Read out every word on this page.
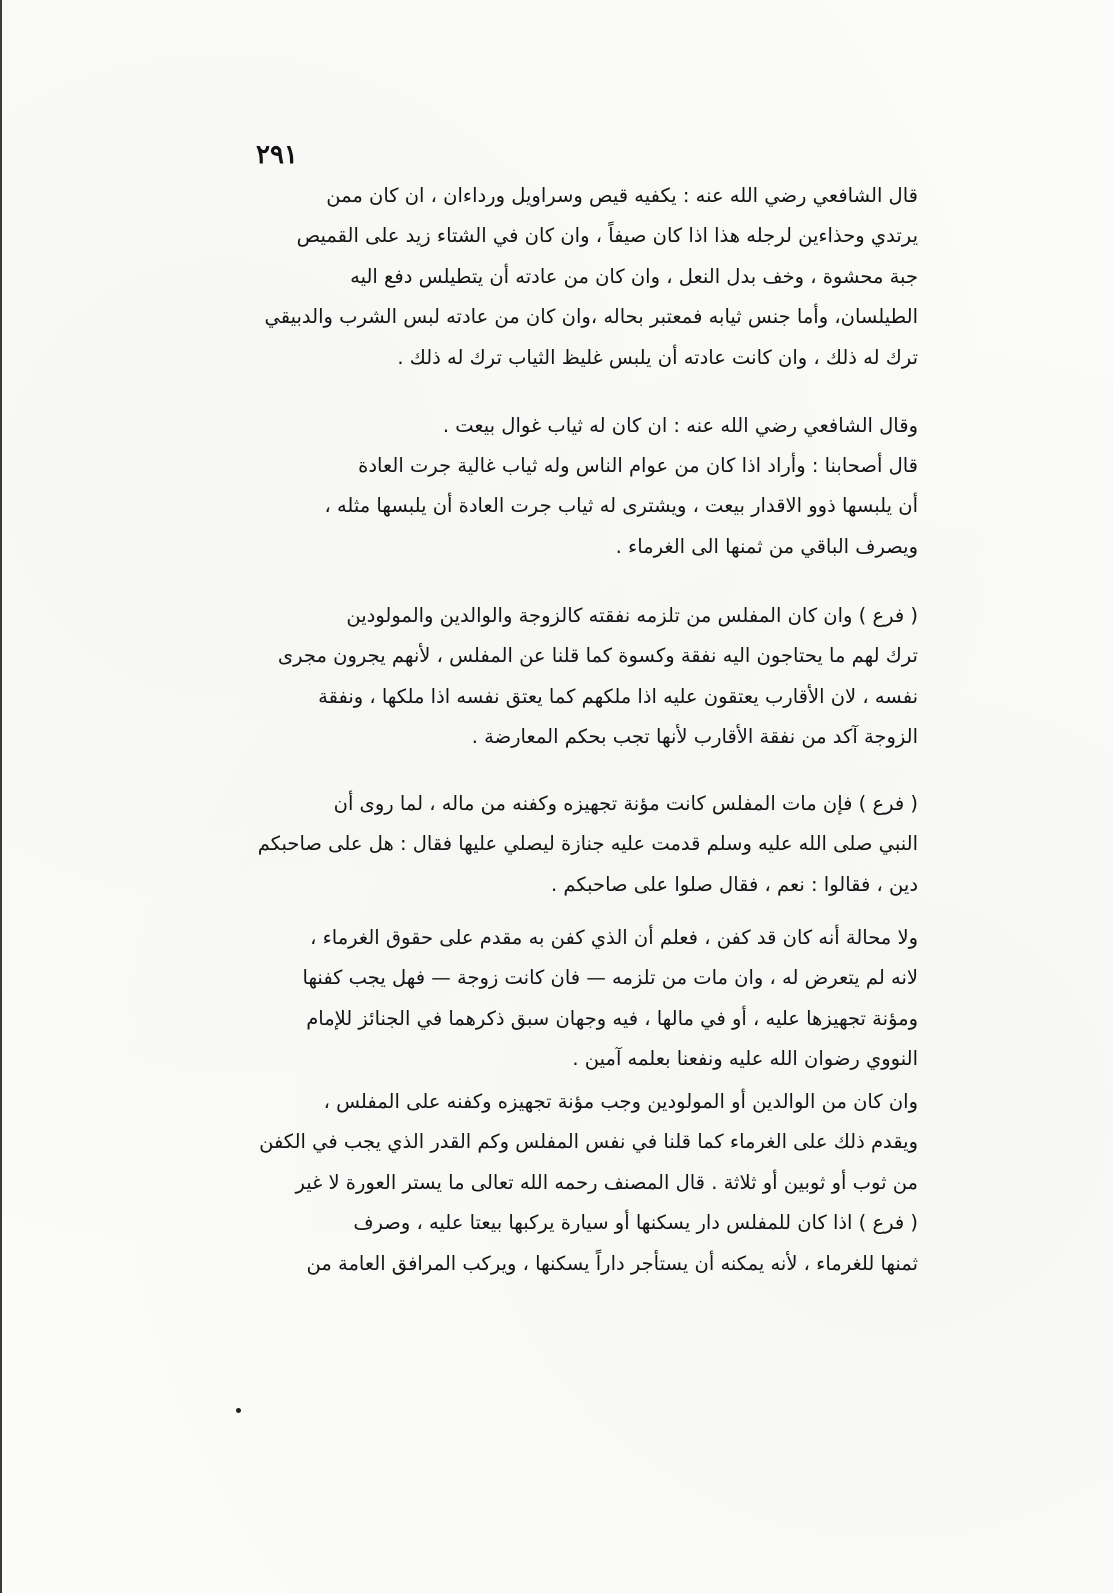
٢٩١
قال الشافعي رضي الله عنه : يكفيه قيص وسراويل ورداءان ، ان كان ممن
يرتدي وحذاءين لرجله هذا اذا كان صيفاً ، وان كان في الشتاء زيد على القميص
جبة محشوة ، وخف بدل النعل ، وان كان من عادته أن يتطيلس دفع اليه
الطيلسان، وأما جنس ثيابه فمعتبر بحاله ،وان كان من عادته لبس الشرب والدبيقي
ترك له ذلك ، وان كانت عادته أن يلبس غليظ الثياب ترك له ذلك .
وقال الشافعي رضي الله عنه : ان كان له ثياب غوال بيعت .
قال أصحابنا : وأراد اذا كان من عوام الناس وله ثياب غالية جرت العادة
أن يلبسها ذوو الاقدار بيعت ، ويشترى له ثياب جرت العادة أن يلبسها مثله ،
ويصرف الباقي من ثمنها الى الغرماء .
( فرع ) وان كان المفلس من تلزمه نفقته كالزوجة والوالدين والمولودين
ترك لهم ما يحتاجون اليه نفقة وكسوة كما قلنا عن المفلس ، لأنهم يجرون مجرى
نفسه ، لان الأقارب يعتقون عليه اذا ملكهم كما يعتق نفسه اذا ملكها ، ونفقة
الزوجة آكد من نفقة الأقارب لأنها تجب بحكم المعارضة .
( فرع ) فإن مات المفلس كانت مؤنة تجهيزه وكفنه من ماله ، لما روى أن
النبي صلى الله عليه وسلم قدمت عليه جنازة ليصلي عليها فقال : هل على صاحبكم
دين ، فقالوا : نعم ، فقال صلوا على صاحبكم .
ولا محالة أنه كان قد كفن ، فعلم أن الذي كفن به مقدم على حقوق الغرماء ،
لانه لم يتعرض له ، وان مات من تلزمه — فان كانت زوجة — فهل يجب كفنها
ومؤنة تجهيزها عليه ، أو في مالها ، فيه وجهان سبق ذكرهما في الجنائز للإمام
النووي رضوان الله عليه ونفعنا بعلمه آمين .
وان كان من الوالدين أو المولودين وجب مؤنة تجهيزه وكفنه على المفلس ،
ويقدم ذلك على الغرماء كما قلنا في نفس المفلس وكم القدر الذي يجب في الكفن
من ثوب أو ثوبين أو ثلاثة . قال المصنف رحمه الله تعالى ما يستر العورة لا غير
( فرع ) اذا كان للمفلس دار يسكنها أو سيارة يركبها بيعتا عليه ، وصرف
ثمنها للغرماء ، لأنه يمكنه أن يستأجر داراً يسكنها ، ويركب المرافق العامة من
